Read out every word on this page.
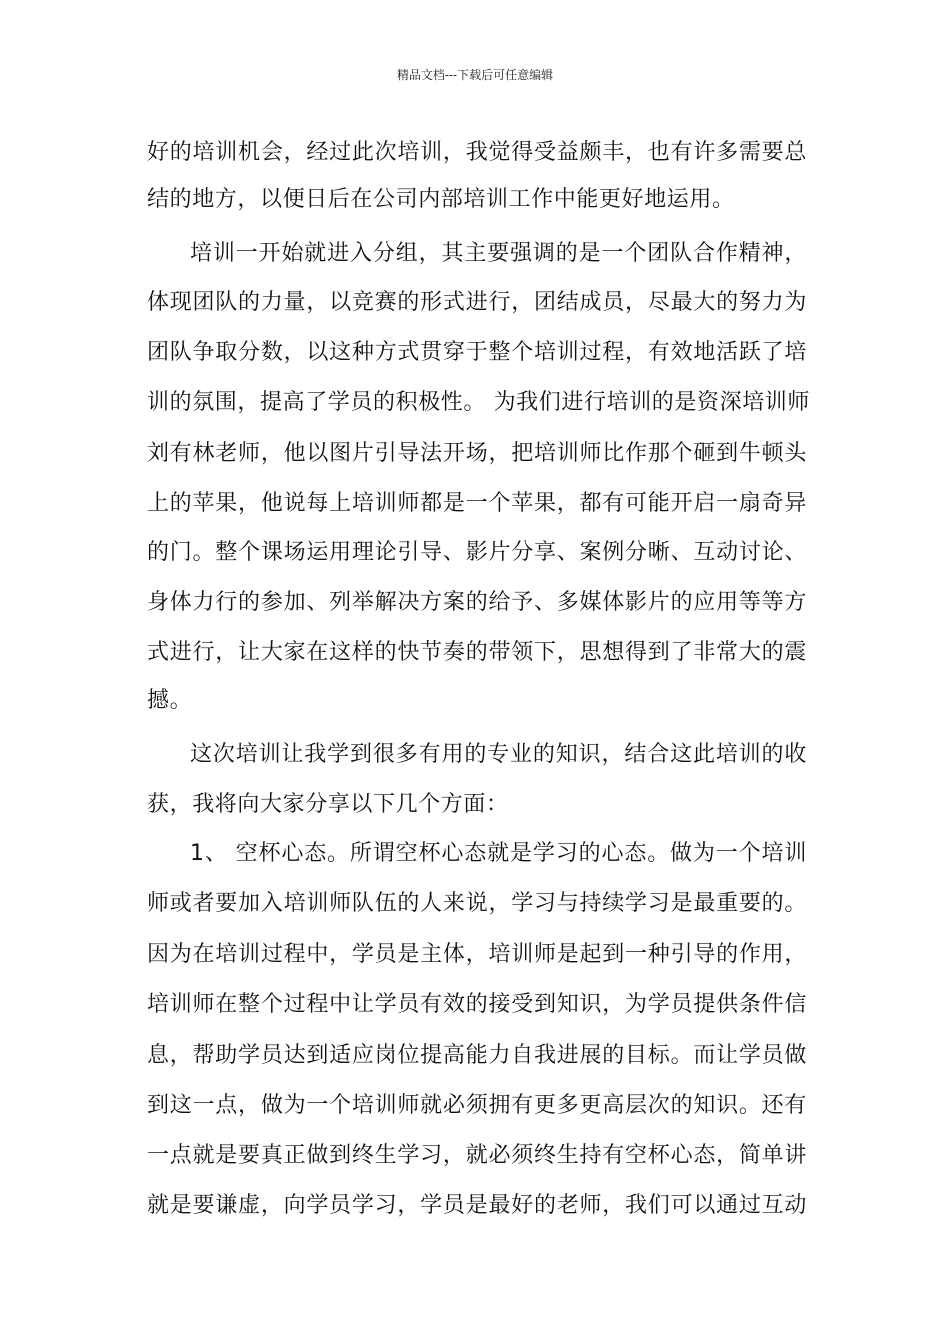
精品文档---下载后可任意编辑

好的培训机会，经过此次培训，我觉得受益颇丰，也有许多需要总

结的地方，以便日后在公司内部培训工作中能更好地运用。

培训一开始就进入分组，其主要强调的是一个团队合作精神，

体现团队的力量，以竞赛的形式进行，团结成员，尽最大的努力为

团队争取分数，以这种方式贯穿于整个培训过程，有效地活跃了培

训的氛围，提高了学员的积极性。 为我们进行培训的是资深培训师

刘有林老师，他以图片引导法开场，把培训师比作那个砸到牛顿头

上的苹果，他说每上培训师都是一个苹果，都有可能开启一扇奇异

的门。整个课场运用理论引导、影片分享、案例分晰、互动讨论、

身体力行的参加、列举解决方案的给予、多媒体影片的应用等等方

式进行，让大家在这样的快节奏的带领下，思想得到了非常大的震

撼。

这次培训让我学到很多有用的专业的知识，结合这此培训的收

获，我将向大家分享以下几个方面：

1、 空杯心态。所谓空杯心态就是学习的心态。做为一个培训

师或者要加入培训师队伍的人来说，学习与持续学习是最重要的。

因为在培训过程中，学员是主体，培训师是起到一种引导的作用，

培训师在整个过程中让学员有效的接受到知识，为学员提供条件信

息，帮助学员达到适应岗位提高能力自我进展的目标。而让学员做

到这一点，做为一个培训师就必须拥有更多更高层次的知识。还有

一点就是要真正做到终生学习，就必须终生持有空杯心态，简单讲

就是要谦虚，向学员学习，学员是最好的老师，我们可以通过互动
